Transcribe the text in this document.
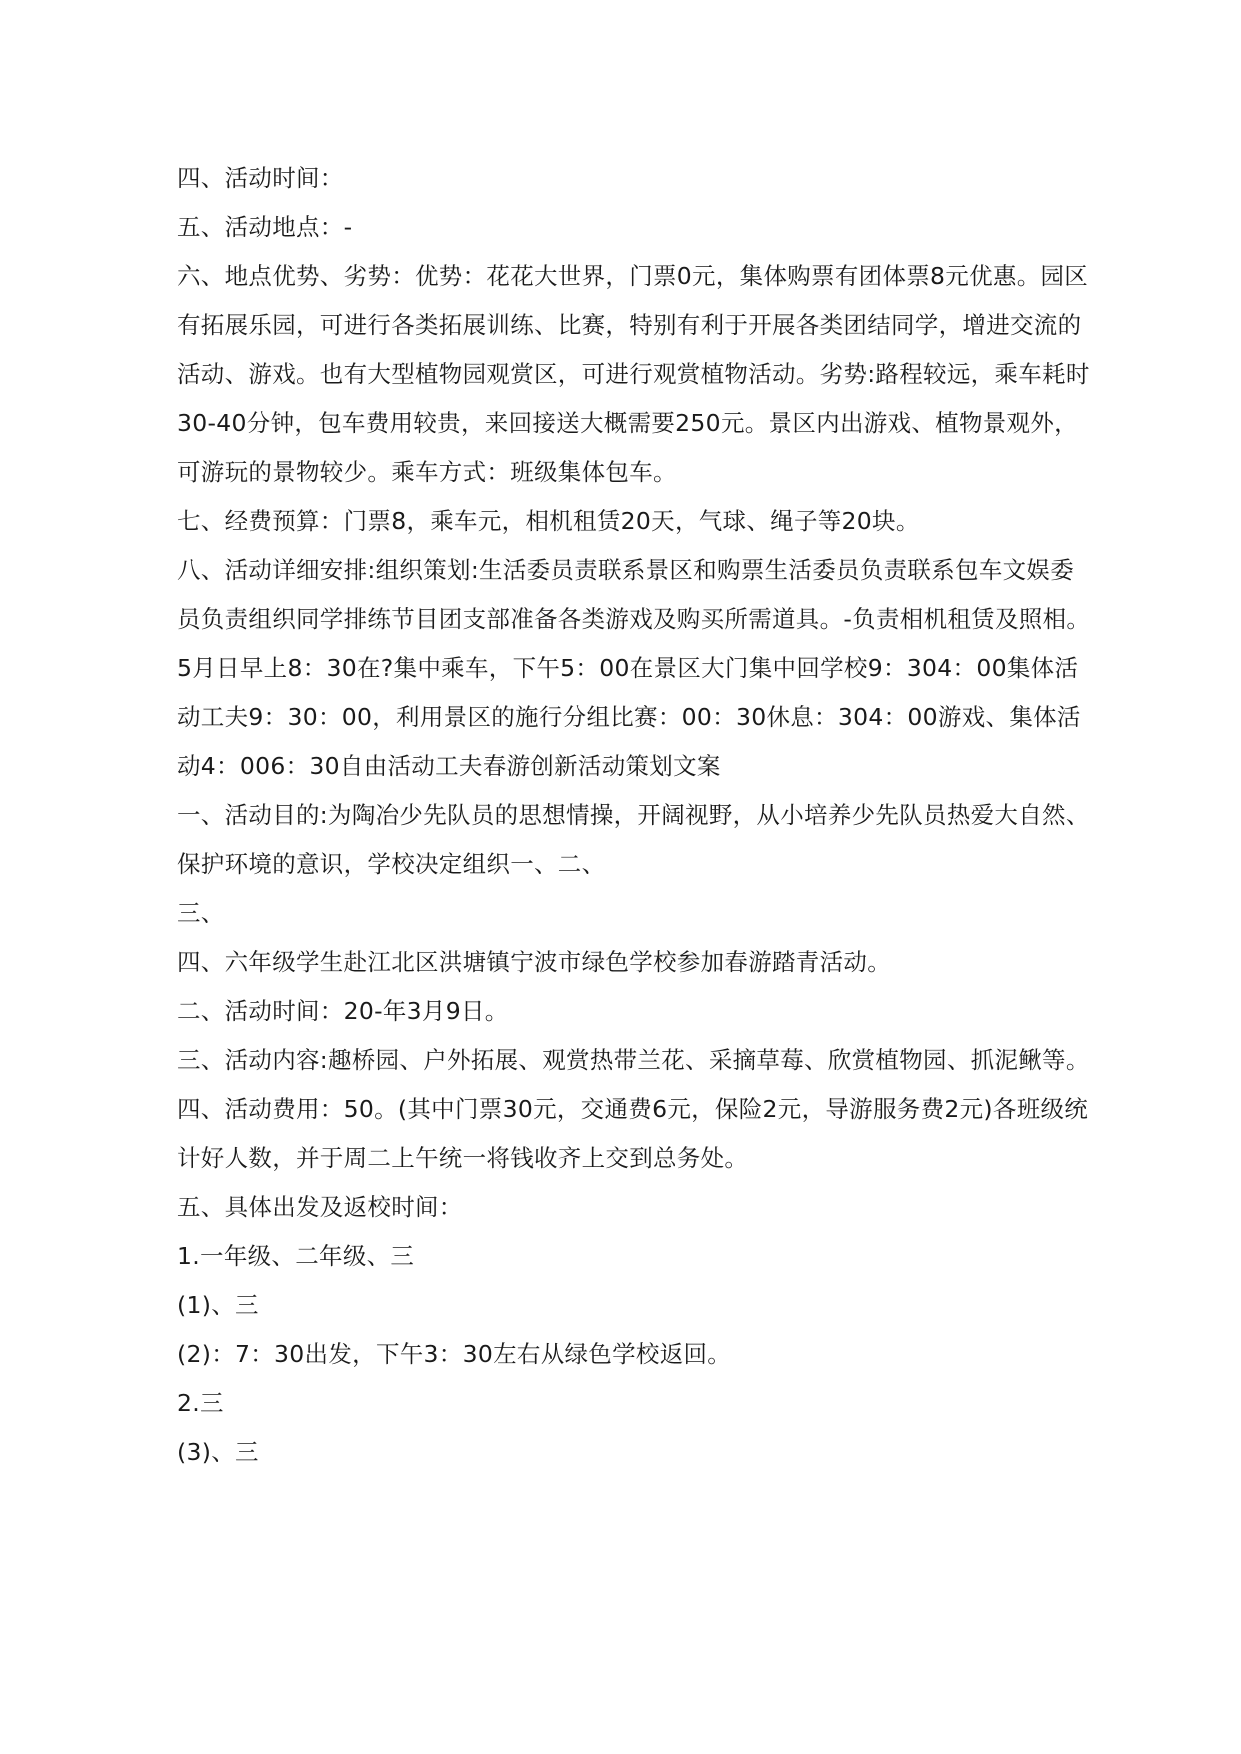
四、活动时间：

五、活动地点：-

六、地点优势、劣势：优势：花花大世界，门票0元，集体购票有团体票8元优惠。园区有拓展乐园，可进行各类拓展训练、比赛，特别有利于开展各类团结同学，增进交流的活动、游戏。也有大型植物园观赏区，可进行观赏植物活动。劣势:路程较远，乘车耗时30-40分钟，包车费用较贵，来回接送大概需要250元。景区内出游戏、植物景观外，可游玩的景物较少。乘车方式：班级集体包车。

七、经费预算：门票8，乘车元，相机租赁20天，气球、绳子等20块。

八、活动详细安排:组织策划:生活委员责联系景区和购票生活委员负责联系包车文娱委员负责组织同学排练节目团支部准备各类游戏及购买所需道具。-负责相机租赁及照相。

5月日早上8：30在?集中乘车，下午5：00在景区大门集中回学校9：304：00集体活动工夫9：30：00，利用景区的施行分组比赛：00：30休息：304：00游戏、集体活动4：006：30自由活动工夫春游创新活动策划文案

一、活动目的:为陶冶少先队员的思想情操，开阔视野，从小培养少先队员热爱大自然、保护环境的意识，学校决定组织一、二、

三、

四、六年级学生赴江北区洪塘镇宁波市绿色学校参加春游踏青活动。

二、活动时间：20-年3月9日。

三、活动内容:趣桥园、户外拓展、观赏热带兰花、采摘草莓、欣赏植物园、抓泥鳅等。

四、活动费用：50。(其中门票30元，交通费6元，保险2元，导游服务费2元)各班级统计好人数，并于周二上午统一将钱收齐上交到总务处。

五、具体出发及返校时间：

1.一年级、二年级、三

(1)、三

(2)：7：30出发，下午3：30左右从绿色学校返回。

2.三

(3)、三
